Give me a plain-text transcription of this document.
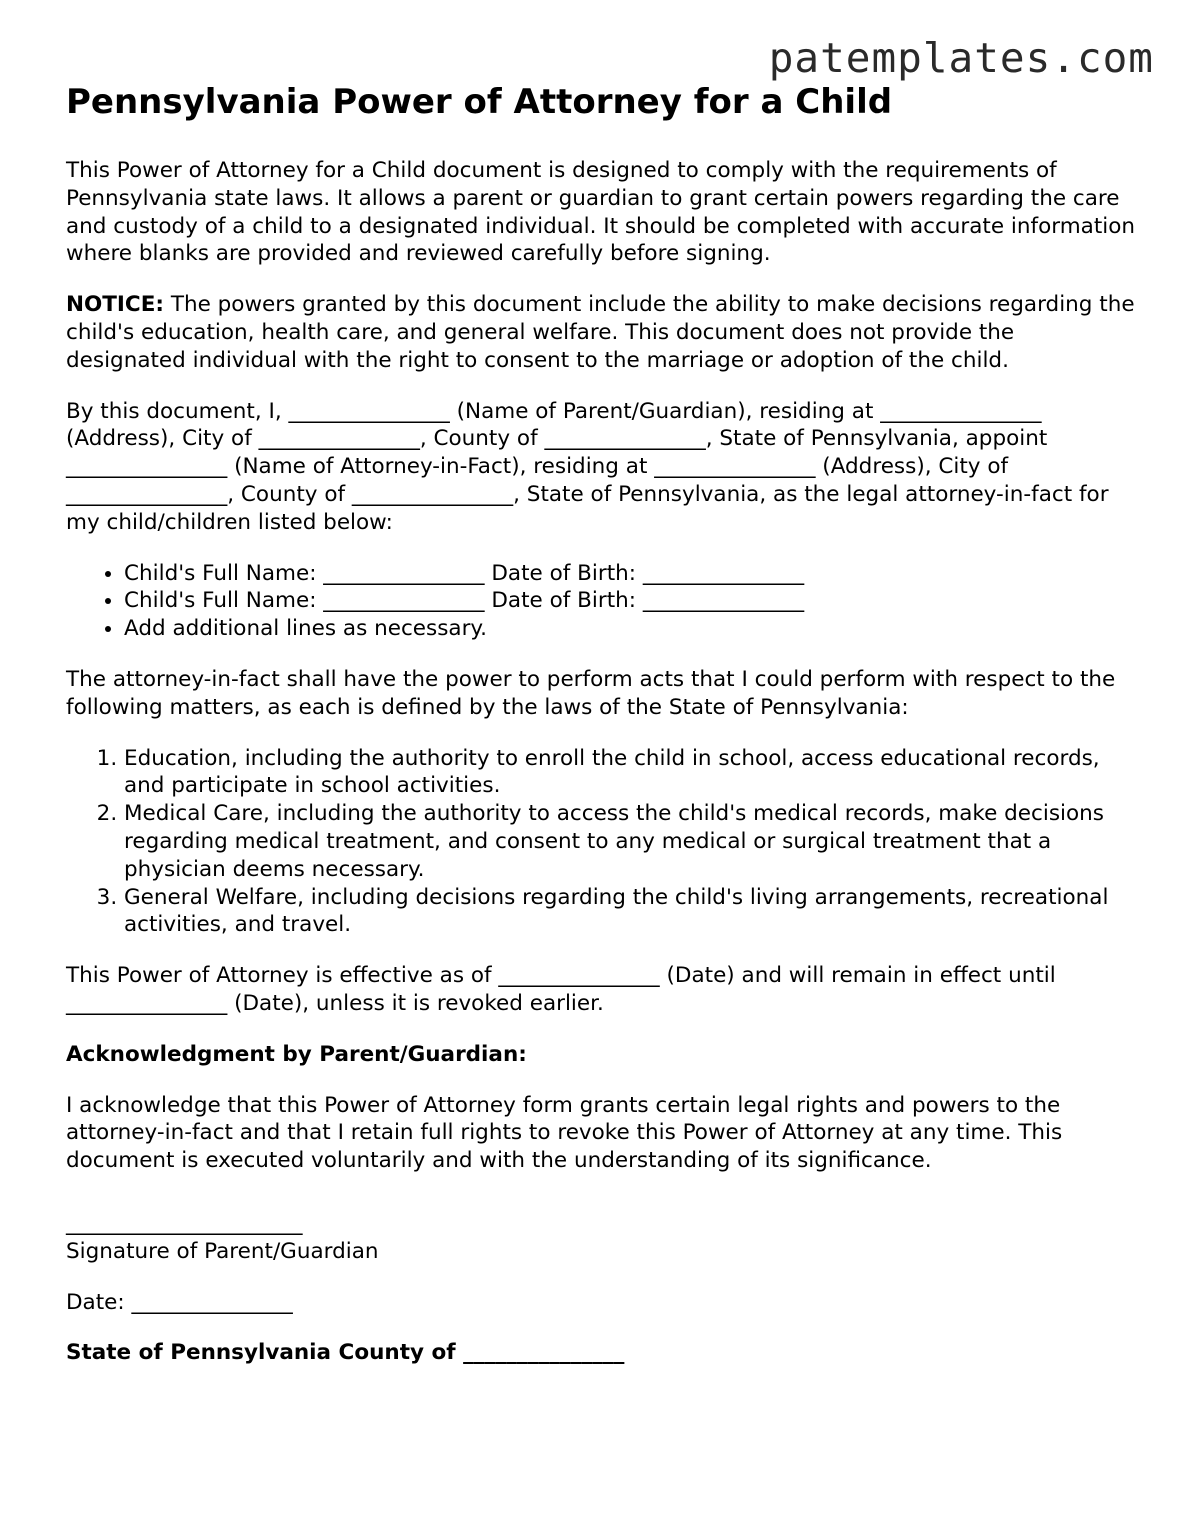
patemplates.com
Pennsylvania Power of Attorney for a Child

This Power of Attorney for a Child document is designed to comply with the requirements of Pennsylvania state laws. It allows a parent or guardian to grant certain powers regarding the care and custody of a child to a designated individual. It should be completed with accurate information where blanks are provided and reviewed carefully before signing.

NOTICE: The powers granted by this document include the ability to make decisions regarding the child's education, health care, and general welfare. This document does not provide the designated individual with the right to consent to the marriage or adoption of the child.

By this document, I, _______________ (Name of Parent/Guardian), residing at _______________ (Address), City of _______________, County of _______________, State of Pennsylvania, appoint _______________ (Name of Attorney-in-Fact), residing at _______________ (Address), City of _______________, County of _______________, State of Pennsylvania, as the legal attorney-in-fact for my child/children listed below:

• Child's Full Name: _______________ Date of Birth: _______________
• Child's Full Name: _______________ Date of Birth: _______________
• Add additional lines as necessary.

The attorney-in-fact shall have the power to perform acts that I could perform with respect to the following matters, as each is defined by the laws of the State of Pennsylvania:

1. Education, including the authority to enroll the child in school, access educational records, and participate in school activities.
2. Medical Care, including the authority to access the child's medical records, make decisions regarding medical treatment, and consent to any medical or surgical treatment that a physician deems necessary.
3. General Welfare, including decisions regarding the child's living arrangements, recreational activities, and travel.

This Power of Attorney is effective as of _______________ (Date) and will remain in effect until _______________ (Date), unless it is revoked earlier.

Acknowledgment by Parent/Guardian:

I acknowledge that this Power of Attorney form grants certain legal rights and powers to the attorney-in-fact and that I retain full rights to revoke this Power of Attorney at any time. This document is executed voluntarily and with the understanding of its significance.

______________________

Signature of Parent/Guardian

Date: _______________

State of Pennsylvania County of _______________
